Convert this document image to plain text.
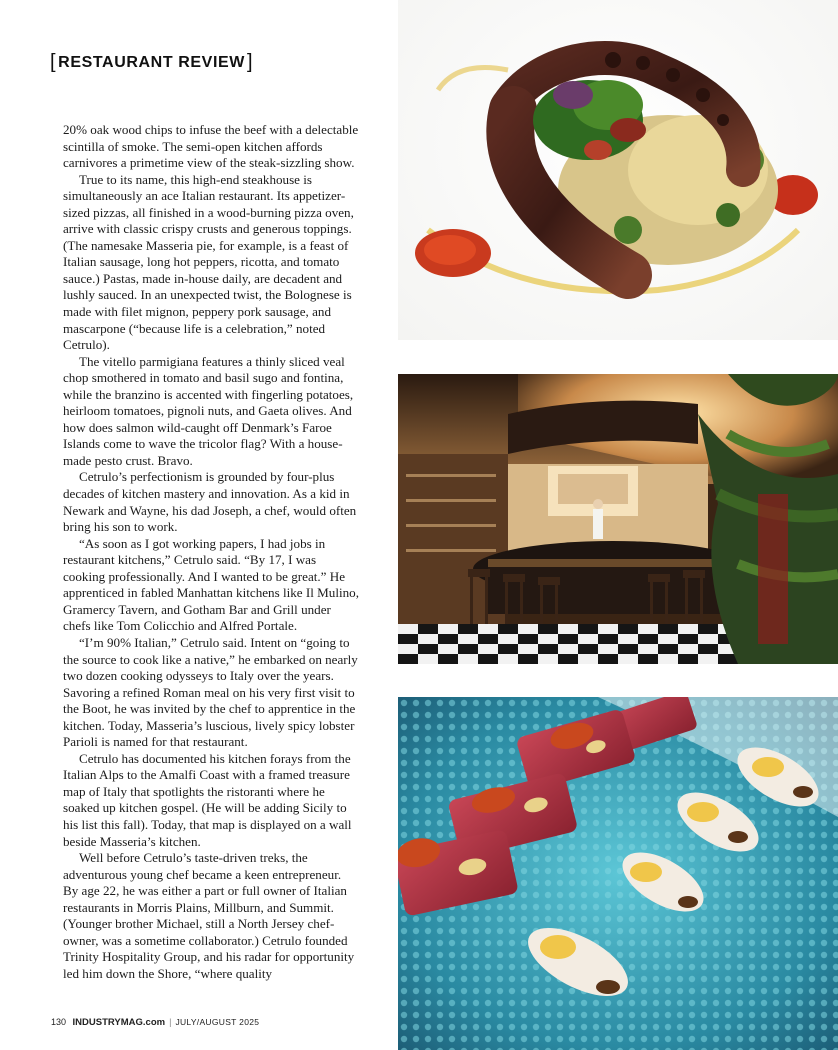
[ RESTAURANT REVIEW ]

20% oak wood chips to infuse the beef with a delectable scintilla of smoke. The semi-open kitchen affords carnivores a primetime view of the steak-sizzling show.

True to its name, this high-end steakhouse is simultaneously an ace Italian restaurant. Its appetizer-sized pizzas, all finished in a wood-burning pizza oven, arrive with classic crispy crusts and generous toppings. (The namesake Masseria pie, for example, is a feast of Italian sausage, long hot peppers, ricotta, and tomato sauce.) Pastas, made in-house daily, are decadent and lushly sauced. In an unexpected twist, the Bolognese is made with filet mignon, peppery pork sausage, and mascarpone (“because life is a celebration,” noted Cetrulo).

The vitello parmigiana features a thinly sliced veal chop smothered in tomato and basil sugo and fontina, while the branzino is accented with fingerling potatoes, heirloom tomatoes, pignoli nuts, and Gaeta olives. And how does salmon wild-caught off Denmark’s Faroe Islands come to wave the tricolor flag? With a house-made pesto crust. Bravo.

Cetrulo’s perfectionism is grounded by four-plus decades of kitchen mastery and innovation. As a kid in Newark and Wayne, his dad Joseph, a chef, would often bring his son to work.

“As soon as I got working papers, I had jobs in restaurant kitchens,” Cetrulo said. “By 17, I was cooking professionally. And I wanted to be great.” He apprenticed in fabled Manhattan kitchens like Il Mulino, Gramercy Tavern, and Gotham Bar and Grill under chefs like Tom Colicchio and Alfred Portale.

“I’m 90% Italian,” Cetrulo said. Intent on “going to the source to cook like a native,” he embarked on nearly two dozen cooking odysseys to Italy over the years. Savoring a refined Roman meal on his very first visit to the Boot, he was invited by the chef to apprentice in the kitchen. Today, Masseria’s luscious, lively spicy lobster Parioli is named for that restaurant.

Cetrulo has documented his kitchen forays from the Italian Alps to the Amalfi Coast with a framed treasure map of Italy that spotlights the ristoranti where he soaked up kitchen gospel. (He will be adding Sicily to his list this fall). Today, that map is displayed on a wall beside Masseria’s kitchen.

Well before Cetrulo’s taste-driven treks, the adventurous young chef became a keen entrepreneur. By age 22, he was either a part or full owner of Italian restaurants in Morris Plains, Millburn, and Summit. (Younger brother Michael, still a North Jersey chef-owner, was a sometime collaborator.) Cetrulo founded Trinity Hospitality Group, and his radar for opportunity led him down the Shore, “where quality

130 INDUSTRYMAG.com | JULY/AUGUST 2025
